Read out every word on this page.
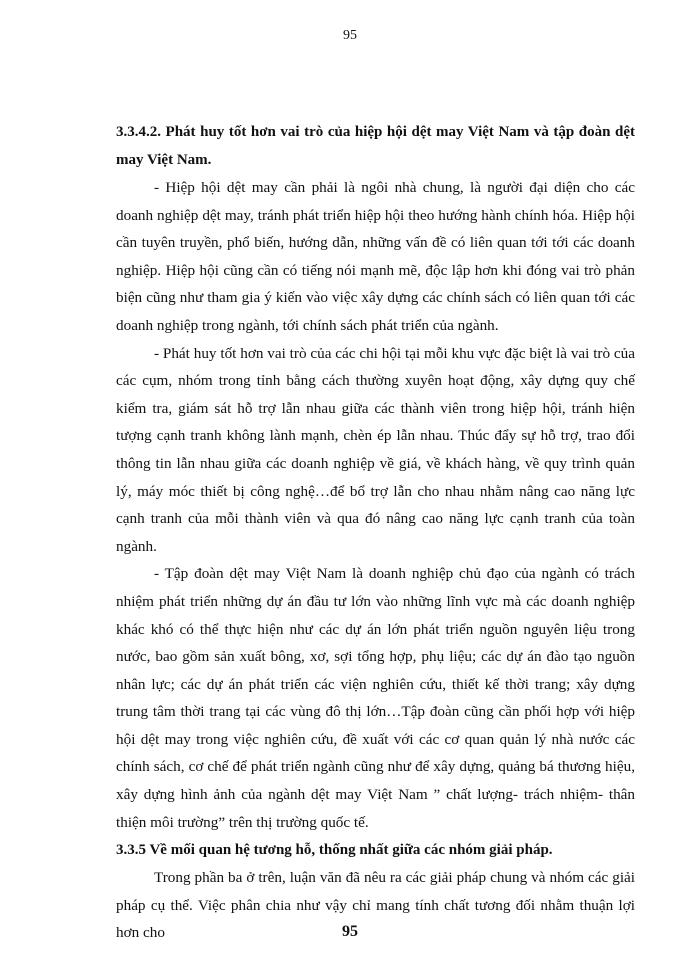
95

3.3.4.2. Phát huy tốt hơn vai trò của hiệp hội dệt may Việt Nam và tập đoàn dệt may Việt Nam.

- Hiệp hội dệt may cần phải là ngôi nhà chung, là người đại diện cho các doanh nghiệp dệt may, tránh phát triển hiệp hội theo hướng hành chính hóa. Hiệp hội cần tuyên truyền, phổ biến, hướng dẫn, những vấn đề có liên quan tới tới các doanh nghiệp. Hiệp hội cũng cần có tiếng nói mạnh mẽ, độc lập hơn khi đóng vai trò phản biện cũng như tham gia ý kiến vào việc xây dựng các chính sách có liên quan tới các doanh nghiệp trong ngành, tới chính sách phát triển của ngành.

- Phát huy tốt hơn vai trò của các chi hội tại mỗi khu vực đặc biệt là vai trò của các cụm, nhóm trong tỉnh bằng cách thường xuyên hoạt động, xây dựng quy chế kiểm tra, giám sát hỗ trợ lẫn nhau giữa các thành viên trong hiệp hội, tránh hiện tượng cạnh tranh không lành mạnh, chèn ép lẫn nhau. Thúc đẩy sự hỗ trợ, trao đổi thông tin lẫn nhau giữa các doanh nghiệp về giá, về khách hàng, về quy trình quản lý, máy móc thiết bị công nghệ…để bổ trợ lẫn cho nhau nhằm nâng cao năng lực cạnh tranh của mỗi thành viên và qua đó nâng cao năng lực cạnh tranh của toàn ngành.

- Tập đoàn dệt may Việt Nam là doanh nghiệp chủ đạo của ngành có trách nhiệm phát triển những dự án đầu tư lớn vào những lĩnh vực mà các doanh nghiệp khác khó có thể thực hiện như các dự án lớn phát triển nguồn nguyên liệu trong nước, bao gồm sản xuất bông, xơ, sợi tổng hợp, phụ liệu; các dự án đào tạo nguồn nhân lực; các dự án phát triển các viện nghiên cứu, thiết kế thời trang; xây dựng trung tâm thời trang tại các vùng đô thị lớn…Tập đoàn cũng cần phối hợp với hiệp hội dệt may trong việc nghiên cứu, đề xuất với các cơ quan quản lý nhà nước các chính sách, cơ chế để phát triển ngành cũng như để xây dựng, quảng bá thương hiệu, xây dựng hình ảnh của ngành dệt may Việt Nam ” chất lượng- trách nhiệm- thân thiện môi trường” trên thị trường quốc tế.

3.3.5 Về mối quan hệ tương hỗ, thống nhất giữa các nhóm giải pháp.

Trong phần ba ở trên, luận văn đã nêu ra các giải pháp chung và nhóm các giải pháp cụ thể. Việc phân chia như vậy chỉ mang tính chất tương đối nhằm thuận lợi hơn cho	95
